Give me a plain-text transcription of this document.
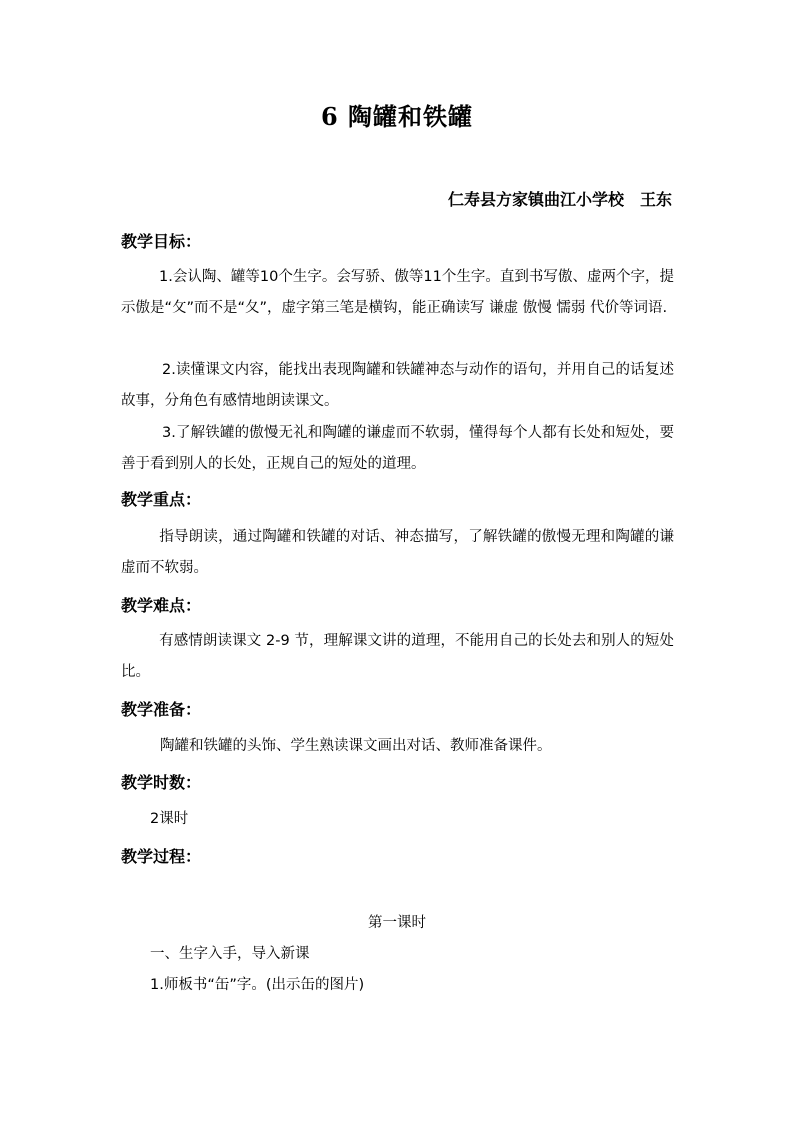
6 陶罐和铁罐
仁寿县方家镇曲江小学校 王东
教学目标：

1.会认陶、罐等10个生字。会写骄、傲等11个生字。直到书写傲、虚两个字，提示傲是“攵”而不是“夂”，虚字第三笔是横钩，能正确读写 谦虚 傲慢 懦弱 代价等词语.

2.读懂课文内容，能找出表现陶罐和铁罐神态与动作的语句，并用自己的话复述故事，分角色有感情地朗读课文。

3.了解铁罐的傲慢无礼和陶罐的谦虚而不软弱，懂得每个人都有长处和短处，要善于看到别人的长处，正规自己的短处的道理。

教学重点：

指导朗读，通过陶罐和铁罐的对话、神态描写，了解铁罐的傲慢无理和陶罐的谦虚而不软弱。

教学难点：

有感情朗读课文 2-9 节，理解课文讲的道理，不能用自己的长处去和别人的短处比。

教学准备：
陶罐和铁罐的头饰、学生熟读课文画出对话、教师准备课件。
教学时数：
2课时
教学过程：
第一课时
一、生字入手，导入新课
1.师板书“缶”字。(出示缶的图片)
